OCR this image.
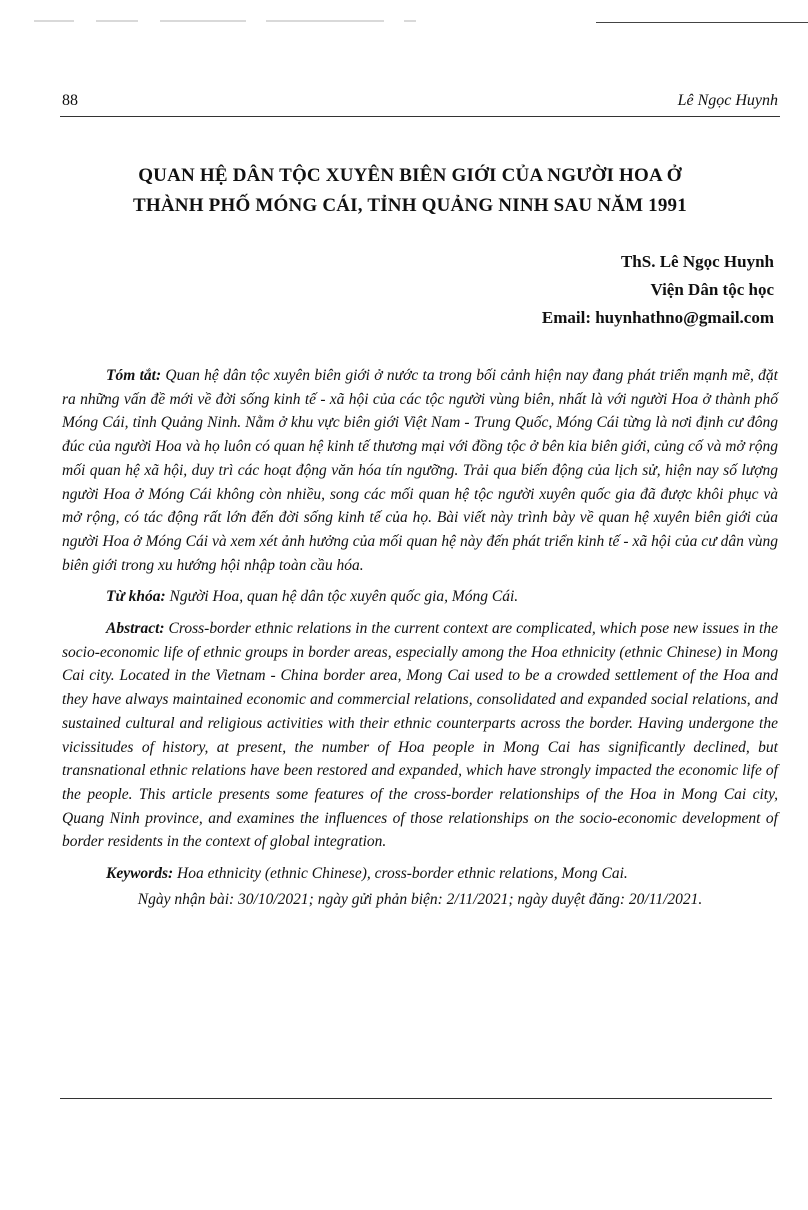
88	Lê Ngọc Huynh
QUAN HỆ DÂN TỘC XUYÊN BIÊN GIỚI CỦA NGƯỜI HOA Ở
THÀNH PHỐ MÓNG CÁI, TỈNH QUẢNG NINH SAU NĂM 1991
ThS. Lê Ngọc Huynh
Viện Dân tộc học
Email: huynhathno@gmail.com

Tóm tắt: Quan hệ dân tộc xuyên biên giới ở nước ta trong bối cảnh hiện nay đang phát triển mạnh mẽ, đặt ra những vấn đề mới về đời sống kinh tế - xã hội của các tộc người vùng biên, nhất là với người Hoa ở thành phố Móng Cái, tỉnh Quảng Ninh. Nằm ở khu vực biên giới Việt Nam - Trung Quốc, Móng Cái từng là nơi định cư đông đúc của người Hoa và họ luôn có quan hệ kinh tế thương mại với đồng tộc ở bên kia biên giới, củng cố và mở rộng mối quan hệ xã hội, duy trì các hoạt động văn hóa tín ngưỡng. Trải qua biến động của lịch sử, hiện nay số lượng người Hoa ở Móng Cái không còn nhiều, song các mối quan hệ tộc người xuyên quốc gia đã được khôi phục và mở rộng, có tác động rất lớn đến đời sống kinh tế của họ. Bài viết này trình bày về quan hệ xuyên biên giới của người Hoa ở Móng Cái và xem xét ảnh hưởng của mối quan hệ này đến phát triển kinh tế - xã hội của cư dân vùng biên giới trong xu hướng hội nhập toàn cầu hóa.

Từ khóa: Người Hoa, quan hệ dân tộc xuyên quốc gia, Móng Cái.

Abstract: Cross-border ethnic relations in the current context are complicated, which pose new issues in the socio-economic life of ethnic groups in border areas, especially among the Hoa ethnicity (ethnic Chinese) in Mong Cai city. Located in the Vietnam - China border area, Mong Cai used to be a crowded settlement of the Hoa and they have always maintained economic and commercial relations, consolidated and expanded social relations, and sustained cultural and religious activities with their ethnic counterparts across the border. Having undergone the vicissitudes of history, at present, the number of Hoa people in Mong Cai has significantly declined, but transnational ethnic relations have been restored and expanded, which have strongly impacted the economic life of the people. This article presents some features of the cross-border relationships of the Hoa in Mong Cai city, Quang Ninh province, and examines the influences of those relationships on the socio-economic development of border residents in the context of global integration.

Keywords: Hoa ethnicity (ethnic Chinese), cross-border ethnic relations, Mong Cai.

Ngày nhận bài: 30/10/2021; ngày gửi phản biện: 2/11/2021; ngày duyệt đăng: 20/11/2021.
